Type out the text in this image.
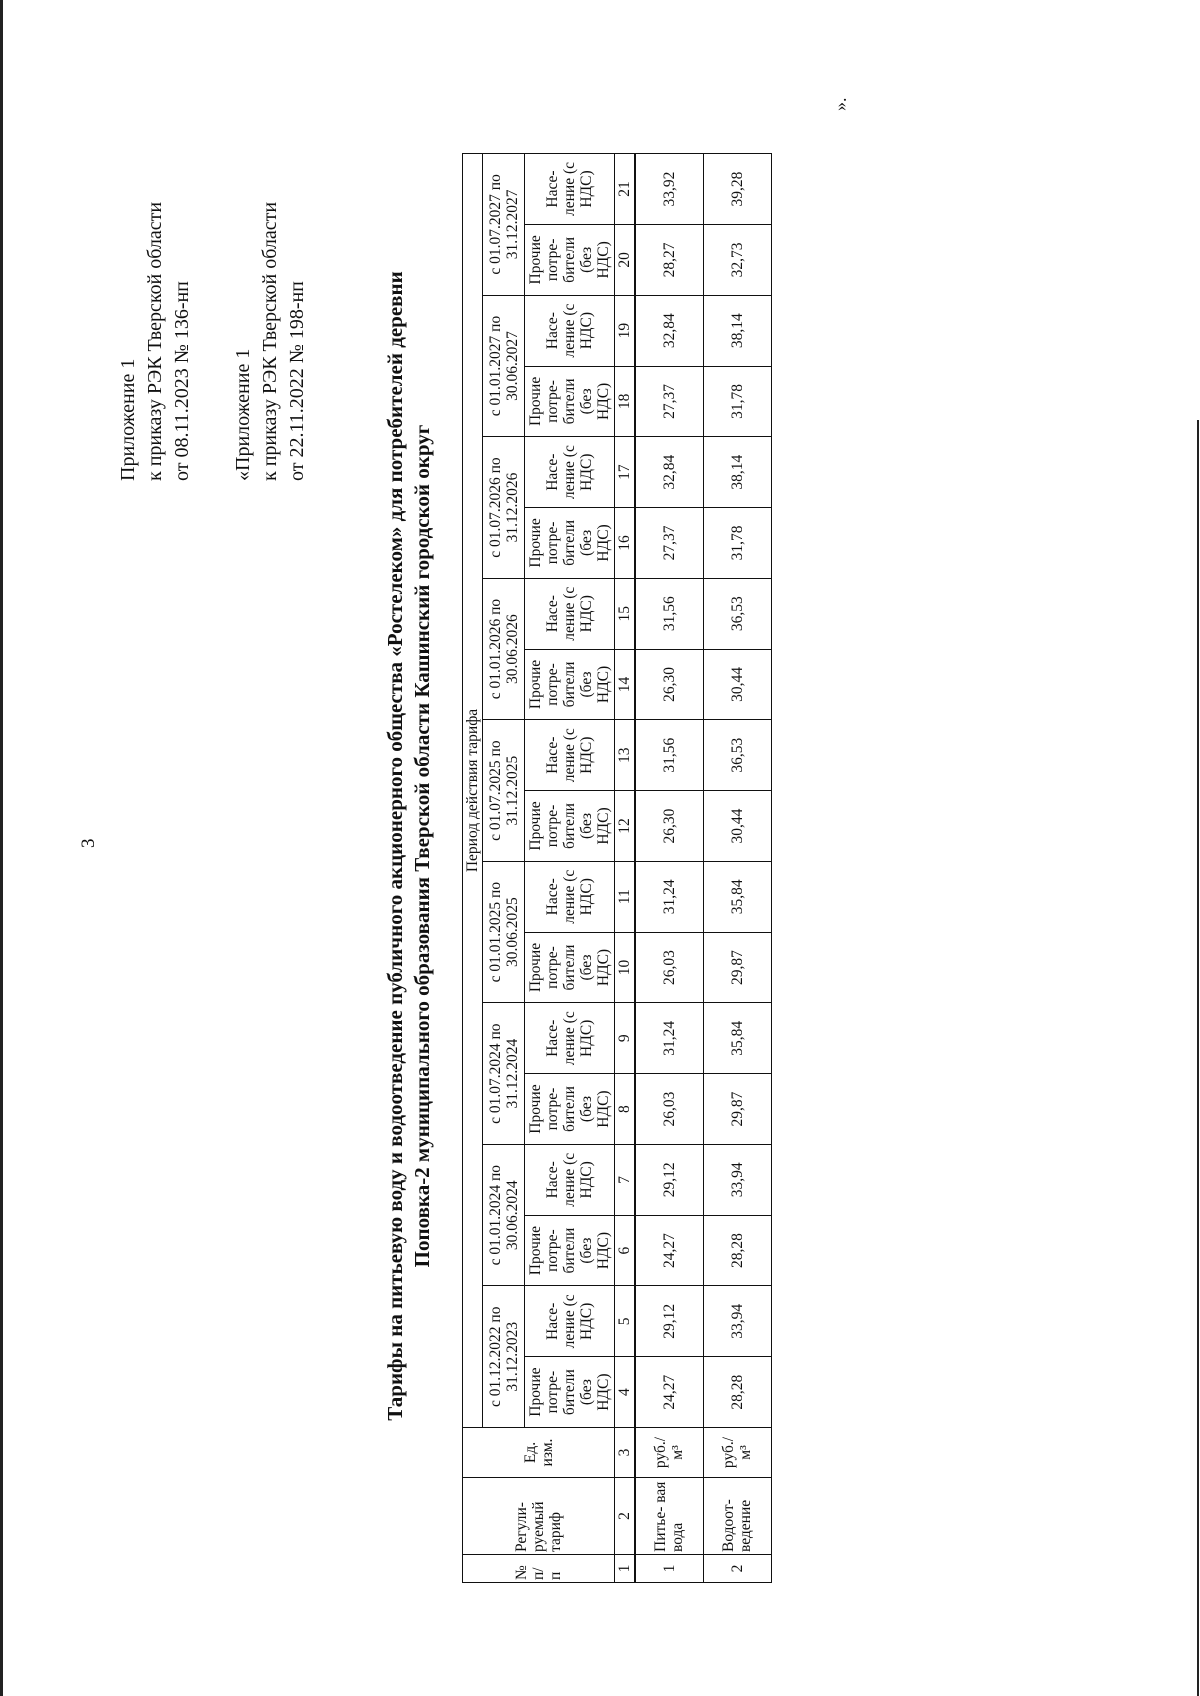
3
Приложение 1 к приказу РЭК Тверской области от 08.11.2023 № 136-нп «Приложение 1 к приказу РЭК Тверской области от 22.11.2022 № 198-нп	Тарифы на питьевую воду и водоотведение публичного акционерного общества «Ростелеком» для потребителей деревни Поповка-2 муниципального образования Тверской области Кашинский городской округ
№ п/ п	Регули- руемый тариф	Ед. изм.	Период действия тарифа																	
			с 01.12.2022 по 31.12.2023		с 01.01.2024 по 30.06.2024		с 01.07.2024 по 31.12.2024		с 01.01.2025 по 30.06.2025		с 01.07.2025 по 31.12.2025		с 01.01.2026 по 30.06.2026		с 01.07.2026 по 31.12.2026		с 01.01.2027 по 30.06.2027		с 01.07.2027 по 31.12.2027	
			Прочие потре- бители (без НДС)	Насе- ление (с НДС)	Прочие потре- бители (без НДС)	Насе- ление (с НДС)	Прочие потре- бители (без НДС)	Насе- ление (с НДС)	Прочие потре- бители (без НДС)	Насе- ление (с НДС)	Прочие потре- бители (без НДС)	Насе- ление (с НДС)	Прочие потре- бители (без НДС)	Насе- ление (с НДС)	Прочие потре- бители (без НДС)	Насе- ление (с НДС)	Прочие потре- бители (без НДС)	Насе- ление (с НДС)	Прочие потре- бители (без НДС)	Насе- ление (с НДС)
1	2	3	4	5	6	7	8	9	10	11	12	13	14	15	16	17	18	19	20	21
1	Питье- вая вода	руб./ м³	24,27	29,12	24,27	29,12	26,03	31,24	26,03	31,24	26,30	31,56	26,30	31,56	27,37	32,84	27,37	32,84	28,27	33,92
2	Водоот- ведение	руб./ м³	28,28	33,94	28,28	33,94	29,87	35,84	29,87	35,84	30,44	36,53	30,44	36,53	31,78	38,14	31,78	38,14	32,73	39,28
».
